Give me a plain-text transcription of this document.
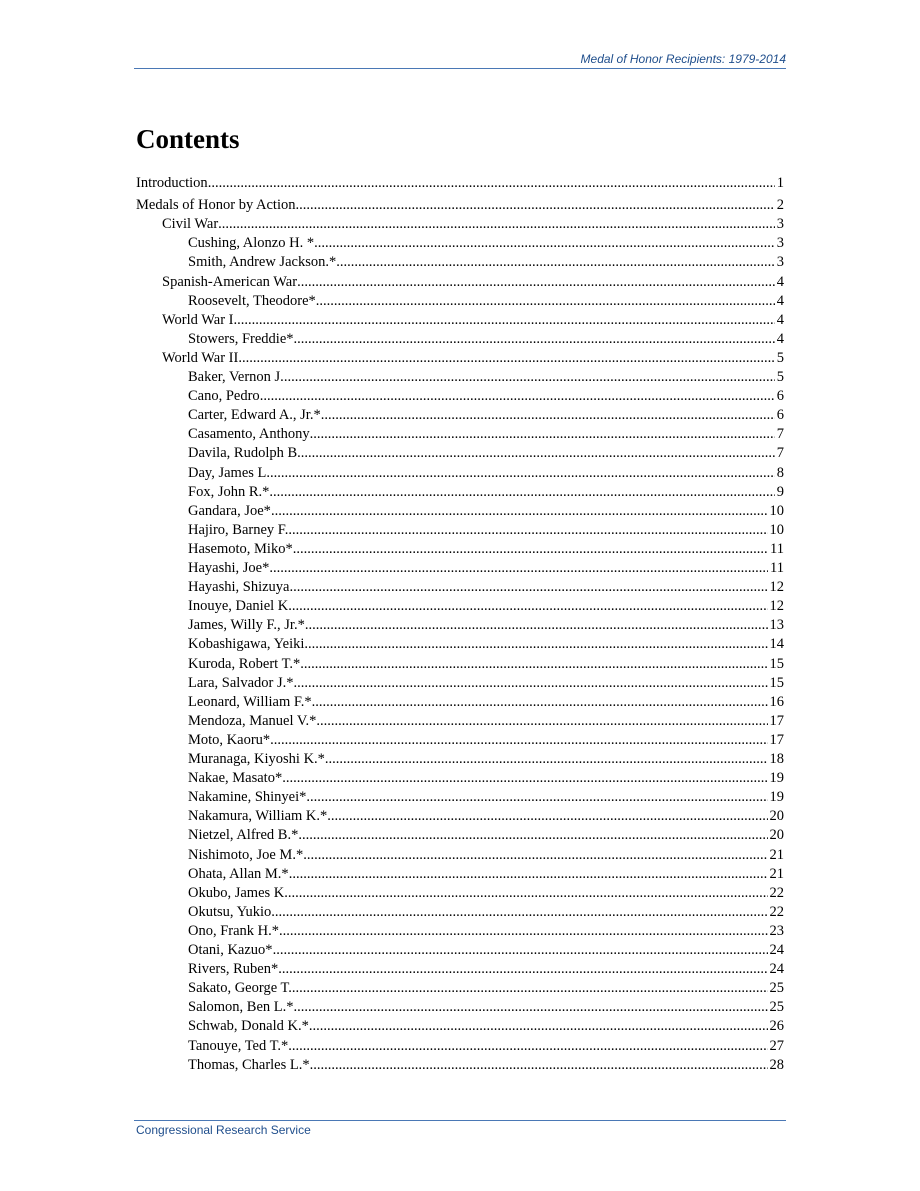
Medal of Honor Recipients: 1979-2014
Contents
Introduction .....	1
Medals of Honor by Action .....	2
Civil War .....	3
Cushing, Alonzo H. * .....	3
Smith, Andrew Jackson.* .....	3
Spanish-American War .....	4
Roosevelt, Theodore* .....	4
World War I .....	4
Stowers, Freddie* .....	4
World War II .....	5
Baker, Vernon J. .....	5
Cano, Pedro .....	6
Carter, Edward A., Jr.* .....	6
Casamento, Anthony .....	7
Davila, Rudolph B. .....	7
Day, James L. .....	8
Fox, John R.* .....	9
Gandara, Joe* .....	10
Hajiro, Barney F. .....	10
Hasemoto, Miko* .....	11
Hayashi, Joe* .....	11
Hayashi, Shizuya .....	12
Inouye, Daniel K. .....	12
James, Willy F., Jr.* .....	13
Kobashigawa, Yeiki .....	14
Kuroda, Robert T.* .....	15
Lara, Salvador J.* .....	15
Leonard, William F.* .....	16
Mendoza, Manuel V.* .....	17
Moto, Kaoru* .....	17
Muranaga, Kiyoshi K.* .....	18
Nakae, Masato* .....	19
Nakamine, Shinyei* .....	19
Nakamura, William K.* .....	20
Nietzel, Alfred B.* .....	20
Nishimoto, Joe M.* .....	21
Ohata, Allan M.* .....	21
Okubo, James K. .....	22
Okutsu, Yukio .....	22
Ono, Frank H.* .....	23
Otani, Kazuo* .....	24
Rivers, Ruben* .....	24
Sakato, George T. .....	25
Salomon, Ben L.* .....	25
Schwab, Donald K.* .....	26
Tanouye, Ted T.* .....	27
Thomas, Charles L.* .....	28
Congressional Research Service
